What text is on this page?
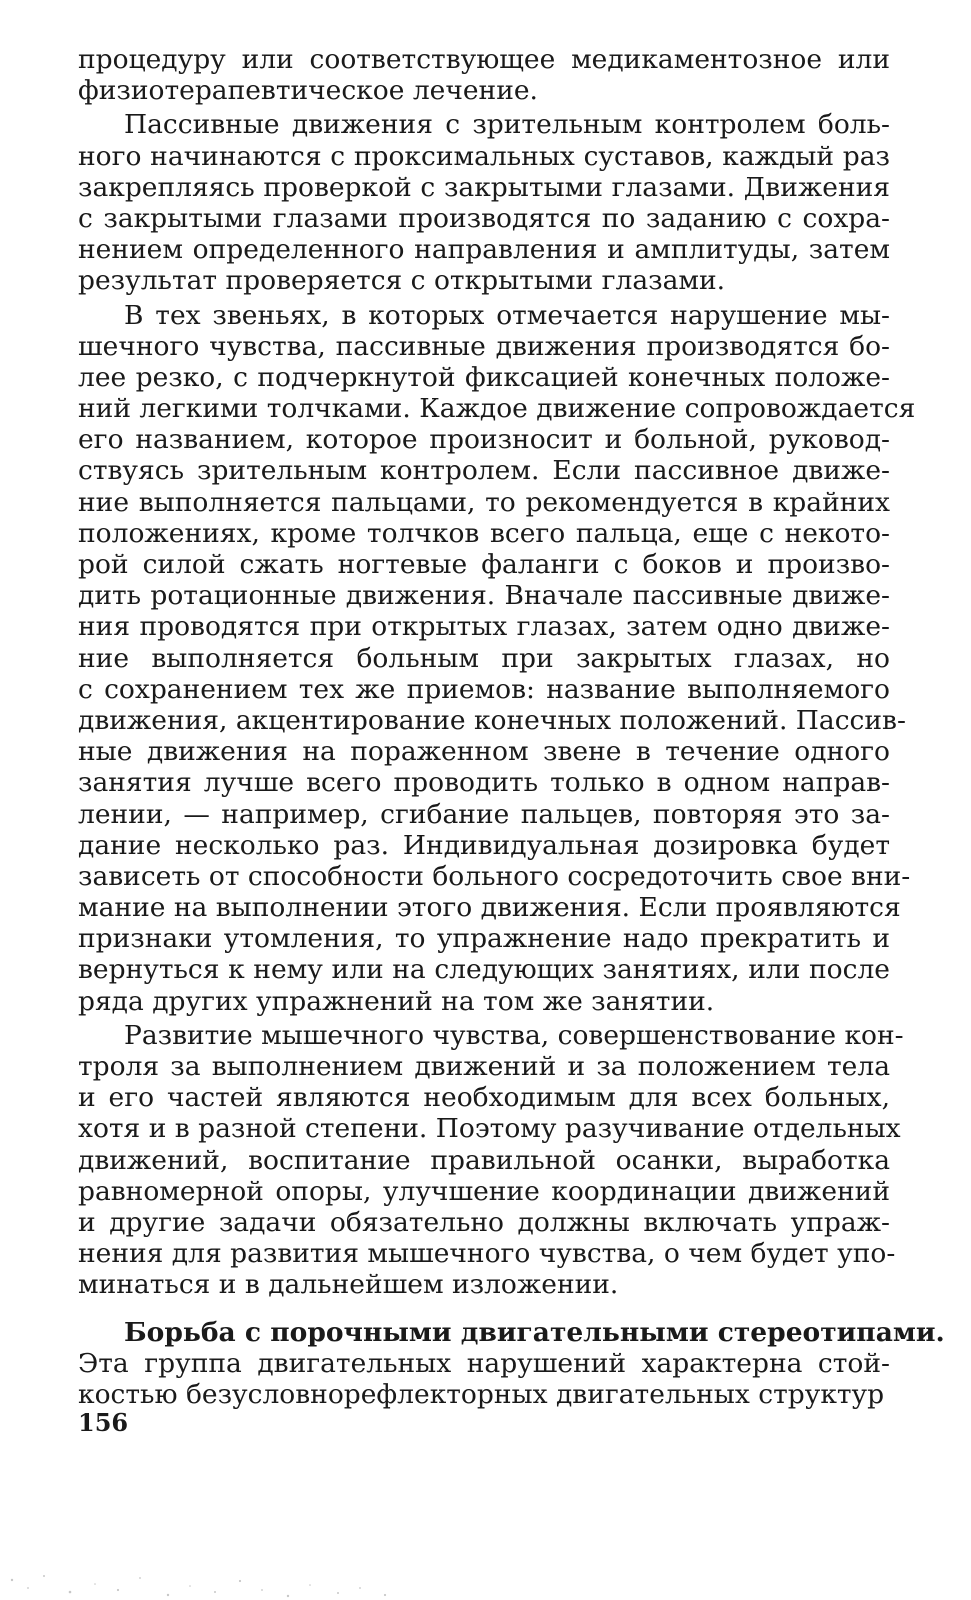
процедуру или соответствующее медикаментозное или
физиотерапевтическое лечение.
Пассивные движения с зрительным контролем боль-
ного начинаются с проксимальных суставов, каждый раз
закрепляясь проверкой с закрытыми глазами. Движения
с закрытыми глазами производятся по заданию с сохра-
нением определенного направления и амплитуды, затем
результат проверяется с открытыми глазами.
В тех звеньях, в которых отмечается нарушение мы-
шечного чувства, пассивные движения производятся бо-
лее резко, с подчеркнутой фиксацией конечных положе-
ний легкими толчками. Каждое движение сопровождается
его названием, которое произносит и больной, руковод-
ствуясь зрительным контролем. Если пассивное движе-
ние выполняется пальцами, то рекомендуется в крайних
положениях, кроме толчков всего пальца, еще с некото-
рой силой сжать ногтевые фаланги с боков и произво-
дить ротационные движения. Вначале пассивные движе-
ния проводятся при открытых глазах, затем одно движе-
ние выполняется больным при закрытых глазах, но
с сохранением тех же приемов: название выполняемого
движения, акцентирование конечных положений. Пассив-
ные движения на пораженном звене в течение одного
занятия лучше всего проводить только в одном направ-
лении, — например, сгибание пальцев, повторяя это за-
дание несколько раз. Индивидуальная дозировка будет
зависеть от способности больного сосредоточить свое вни-
мание на выполнении этого движения. Если проявляются
признаки утомления, то упражнение надо прекратить и
вернуться к нему или на следующих занятиях, или после
ряда других упражнений на том же занятии.
Развитие мышечного чувства, совершенствование кон-
троля за выполнением движений и за положением тела
и его частей являются необходимым для всех больных,
хотя и в разной степени. Поэтому разучивание отдельных
движений, воспитание правильной осанки, выработка
равномерной опоры, улучшение координации движений
и другие задачи обязательно должны включать упраж-
нения для развития мышечного чувства, о чем будет упо-
минаться и в дальнейшем изложении.
Борьба с порочными двигательными стереотипами.
Эта группа двигательных нарушений характерна стой-
костью безусловнорефлекторных двигательных структур
156
